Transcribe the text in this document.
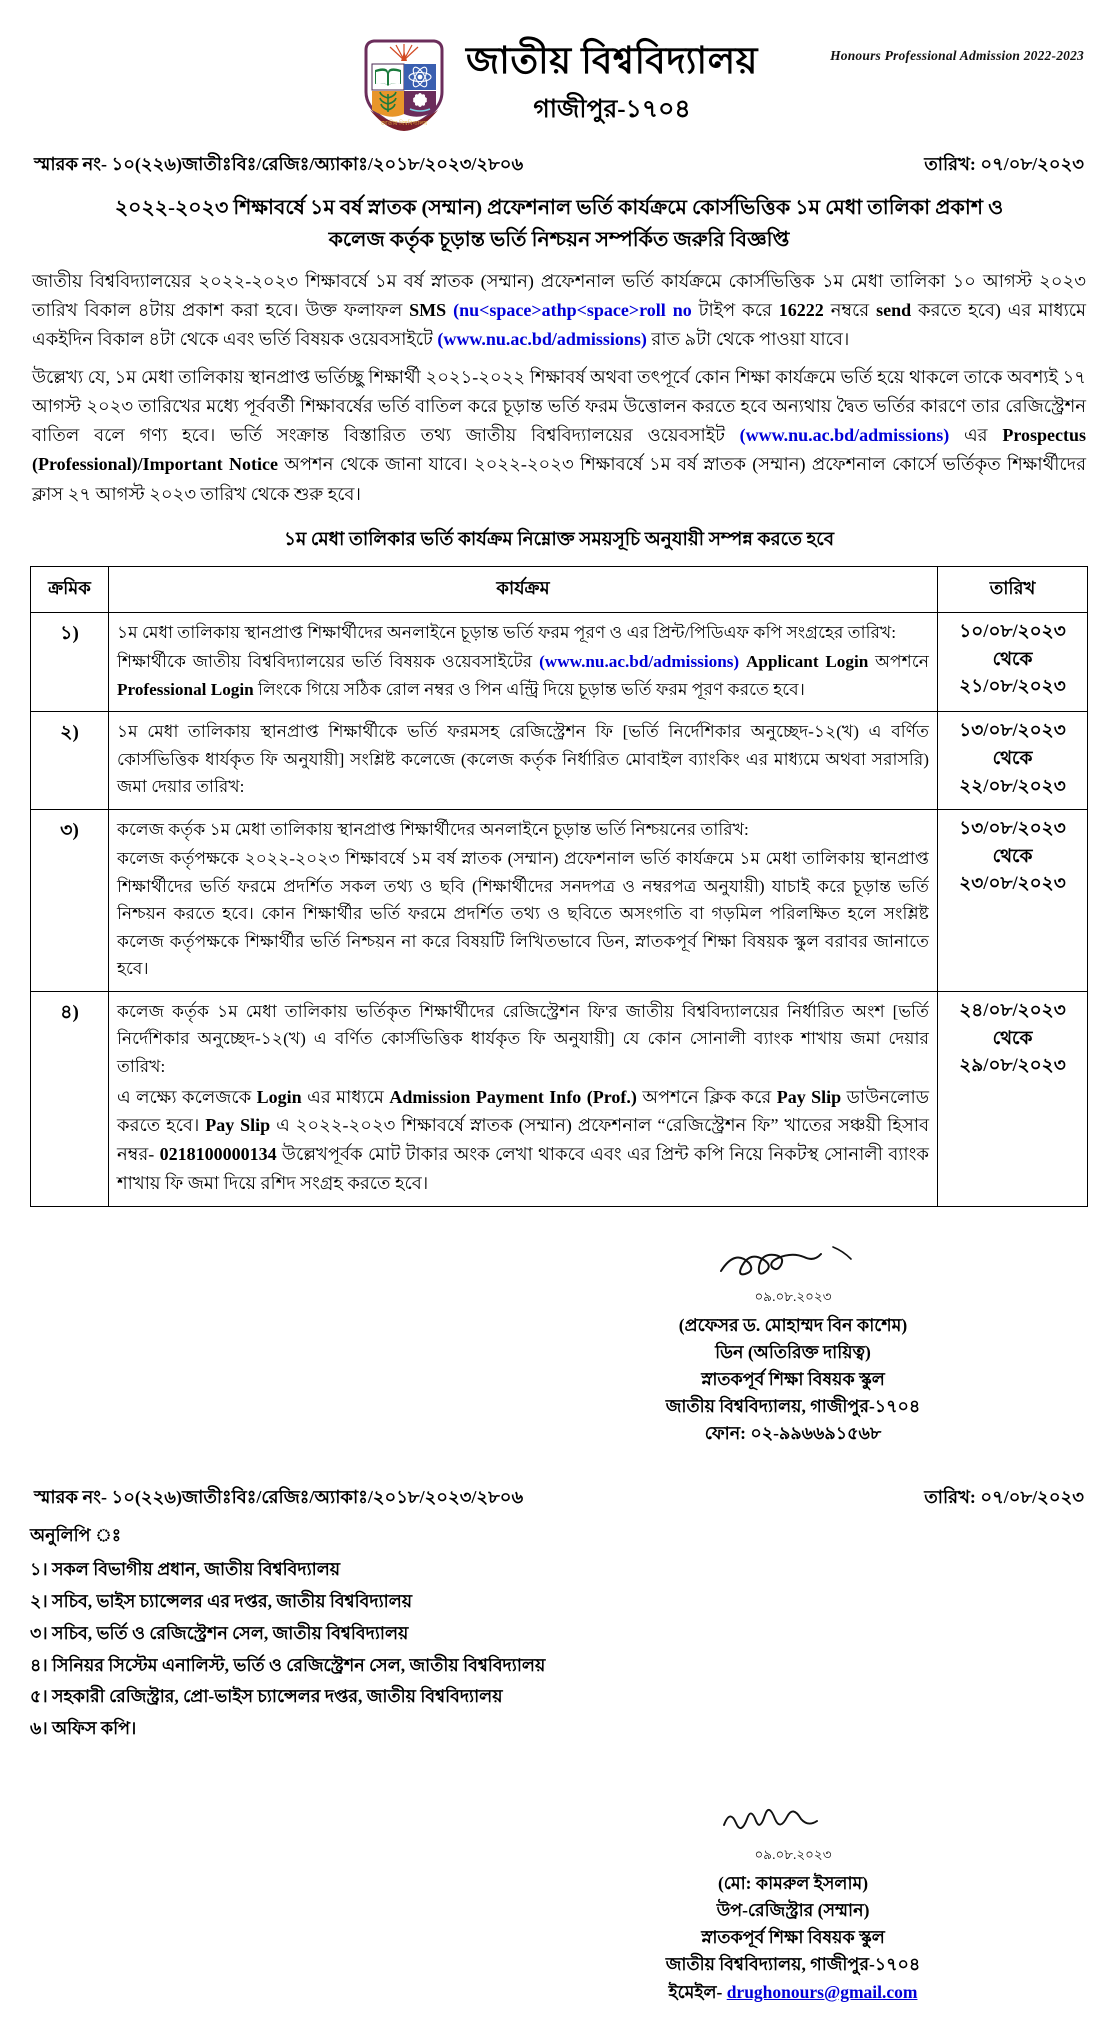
Honours Professional Admission 2022-2023
জাতীয় বিশ্ববিদ্যালয়
জাতীয় বিশ্ববিদ্যালয়
গাজীপুর-১৭০৪
স্মারক নং- ১০(২২৬)জাতীঃবিঃ/রেজিঃ/অ্যাকাঃ/২০১৮/২০২৩/২৮০৬	তারিখ: ০৭/০৮/২০২৩
২০২২-২০২৩ শিক্ষাবর্ষে ১ম বর্ষ স্নাতক (সম্মান) প্রফেশনাল ভর্তি কার্যক্রমে কোর্সভিত্তিক ১ম মেধা তালিকা প্রকাশ ও
কলেজ কর্তৃক চূড়ান্ত ভর্তি নিশ্চয়ন সম্পর্কিত জরুরি বিজ্ঞপ্তি
জাতীয় বিশ্ববিদ্যালয়ের ২০২২-২০২৩ শিক্ষাবর্ষে ১ম বর্ষ স্নাতক (সম্মান) প্রফেশনাল ভর্তি কার্যক্রমে কোর্সভিত্তিক ১ম মেধা তালিকা ১০ আগস্ট ২০২৩ তারিখ বিকাল ৪টায় প্রকাশ করা হবে। উক্ত ফলাফল SMS (nu<space>athp<space>roll no টাইপ করে 16222 নম্বরে send করতে হবে) এর মাধ্যমে একইদিন বিকাল ৪টা থেকে এবং ভর্তি বিষয়ক ওয়েবসাইটে (www.nu.ac.bd/admissions) রাত ৯টা থেকে পাওয়া যাবে।
উল্লেখ্য যে, ১ম মেধা তালিকায় স্থানপ্রাপ্ত ভর্তিচ্ছু শিক্ষার্থী ২০২১-২০২২ শিক্ষাবর্ষ অথবা তৎপূর্বে কোন শিক্ষা কার্যক্রমে ভর্তি হয়ে থাকলে তাকে অবশ্যই ১৭ আগস্ট ২০২৩ তারিখের মধ্যে পূর্ববর্তী শিক্ষাবর্ষের ভর্তি বাতিল করে চূড়ান্ত ভর্তি ফরম উত্তোলন করতে হবে অন্যথায় দ্বৈত ভর্তির কারণে তার রেজিস্ট্রেশন বাতিল বলে গণ্য হবে। ভর্তি সংক্রান্ত বিস্তারিত তথ্য জাতীয় বিশ্ববিদ্যালয়ের ওয়েবসাইট (www.nu.ac.bd/admissions) এর Prospectus (Professional)/Important Notice অপশন থেকে জানা যাবে। ২০২২-২০২৩ শিক্ষাবর্ষে ১ম বর্ষ স্নাতক (সম্মান) প্রফেশনাল কোর্সে ভর্তিকৃত শিক্ষার্থীদের ক্লাস ২৭ আগস্ট ২০২৩ তারিখ থেকে শুরু হবে।
১ম মেধা তালিকার ভর্তি কার্যক্রম নিম্নোক্ত সময়সূচি অনুযায়ী সম্পন্ন করতে হবে
ক্রমিক	কার্যক্রম	তারিখ
১)	১ম মেধা তালিকায় স্থানপ্রাপ্ত শিক্ষার্থীদের অনলাইনে চূড়ান্ত ভর্তি ফরম পূরণ ও এর প্রিন্ট/পিডিএফ কপি সংগ্রহের তারিখ:

শিক্ষার্থীকে জাতীয় বিশ্ববিদ্যালয়ের ভর্তি বিষয়ক ওয়েবসাইটের (www.nu.ac.bd/admissions) Applicant Login অপশনে Professional Login লিংকে গিয়ে সঠিক রোল নম্বর ও পিন এন্ট্রি দিয়ে চূড়ান্ত ভর্তি ফরম পূরণ করতে হবে।

১০/০৮/২০২৩
থেকে
২১/০৮/২০২৩

২)	১ম মেধা তালিকায় স্থানপ্রাপ্ত শিক্ষার্থীকে ভর্তি ফরমসহ রেজিস্ট্রেশন ফি [ভর্তি নির্দেশিকার অনুচ্ছেদ-১২(খ) এ বর্ণিত কোর্সভিত্তিক ধার্যকৃত ফি অনুযায়ী] সংশ্লিষ্ট কলেজে (কলেজ কর্তৃক নির্ধারিত মোবাইল ব্যাংকিং এর মাধ্যমে অথবা সরাসরি) জমা দেয়ার তারিখ:

১৩/০৮/২০২৩
থেকে
২২/০৮/২০২৩

৩)	কলেজ কর্তৃক ১ম মেধা তালিকায় স্থানপ্রাপ্ত শিক্ষার্থীদের অনলাইনে চূড়ান্ত ভর্তি নিশ্চয়নের তারিখ:

কলেজ কর্তৃপক্ষকে ২০২২-২০২৩ শিক্ষাবর্ষে ১ম বর্ষ স্নাতক (সম্মান) প্রফেশনাল ভর্তি কার্যক্রমে ১ম মেধা তালিকায় স্থানপ্রাপ্ত শিক্ষার্থীদের ভর্তি ফরমে প্রদর্শিত সকল তথ্য ও ছবি (শিক্ষার্থীদের সনদপত্র ও নম্বরপত্র অনুযায়ী) যাচাই করে চূড়ান্ত ভর্তি নিশ্চয়ন করতে হবে। কোন শিক্ষার্থীর ভর্তি ফরমে প্রদর্শিত তথ্য ও ছবিতে অসংগতি বা গড়মিল পরিলক্ষিত হলে সংশ্লিষ্ট কলেজ কর্তৃপক্ষকে শিক্ষার্থীর ভর্তি নিশ্চয়ন না করে বিষয়টি লিখিতভাবে ডিন, স্নাতকপূর্ব শিক্ষা বিষয়ক স্কুল বরাবর জানাতে হবে।

১৩/০৮/২০২৩
থেকে
২৩/০৮/২০২৩

৪)	কলেজ কর্তৃক ১ম মেধা তালিকায় ভর্তিকৃত শিক্ষার্থীদের রেজিস্ট্রেশন ফি'র জাতীয় বিশ্ববিদ্যালয়ের নির্ধারিত অংশ [ভর্তি নির্দেশিকার অনুচ্ছেদ-১২(খ) এ বর্ণিত কোর্সভিত্তিক ধার্যকৃত ফি অনুযায়ী] যে কোন সোনালী ব্যাংক শাখায় জমা দেয়ার তারিখ:

এ লক্ষ্যে কলেজকে Login এর মাধ্যমে Admission Payment Info (Prof.) অপশনে ক্লিক করে Pay Slip ডাউনলোড করতে হবে। Pay Slip এ ২০২২-২০২৩ শিক্ষাবর্ষে স্নাতক (সম্মান) প্রফেশনাল “রেজিস্ট্রেশন ফি” খাতের সঞ্চয়ী হিসাব নম্বর- 0218100000134 উল্লেখপূর্বক মোট টাকার অংক লেখা থাকবে এবং এর প্রিন্ট কপি নিয়ে নিকটস্থ সোনালী ব্যাংক শাখায় ফি জমা দিয়ে রশিদ সংগ্রহ করতে হবে।

২৪/০৮/২০২৩
থেকে
২৯/০৮/২০২৩
০৯.০৮.২০২৩
(প্রফেসর ড. মোহাম্মদ বিন কাশেম)
ডিন (অতিরিক্ত দায়িত্ব)
স্নাতকপূর্ব শিক্ষা বিষয়ক স্কুল
জাতীয় বিশ্ববিদ্যালয়, গাজীপুর-১৭০৪
ফোন: ০২-৯৯৬৬৯১৫৬৮
স্মারক নং- ১০(২২৬)জাতীঃবিঃ/রেজিঃ/অ্যাকাঃ/২০১৮/২০২৩/২৮০৬	তারিখ: ০৭/০৮/২০২৩
অনুলিপি ঃ
১। সকল বিভাগীয় প্রধান, জাতীয় বিশ্ববিদ্যালয়
২। সচিব, ভাইস চ্যান্সেলর এর দপ্তর, জাতীয় বিশ্ববিদ্যালয়
৩। সচিব, ভর্তি ও রেজিস্ট্রেশন সেল, জাতীয় বিশ্ববিদ্যালয়
৪। সিনিয়র সিস্টেম এনালিস্ট, ভর্তি ও রেজিস্ট্রেশন সেল, জাতীয় বিশ্ববিদ্যালয়
৫। সহকারী রেজিস্ট্রার, প্রো-ভাইস চ্যান্সেলর দপ্তর, জাতীয় বিশ্ববিদ্যালয়
৬। অফিস কপি।
০৯.০৮.২০২৩
(মো: কামরুল ইসলাম)
উপ-রেজিস্ট্রার (সম্মান)
স্নাতকপূর্ব শিক্ষা বিষয়ক স্কুল
জাতীয় বিশ্ববিদ্যালয়, গাজীপুর-১৭০৪
ইমেইল- drughonours@gmail.com
